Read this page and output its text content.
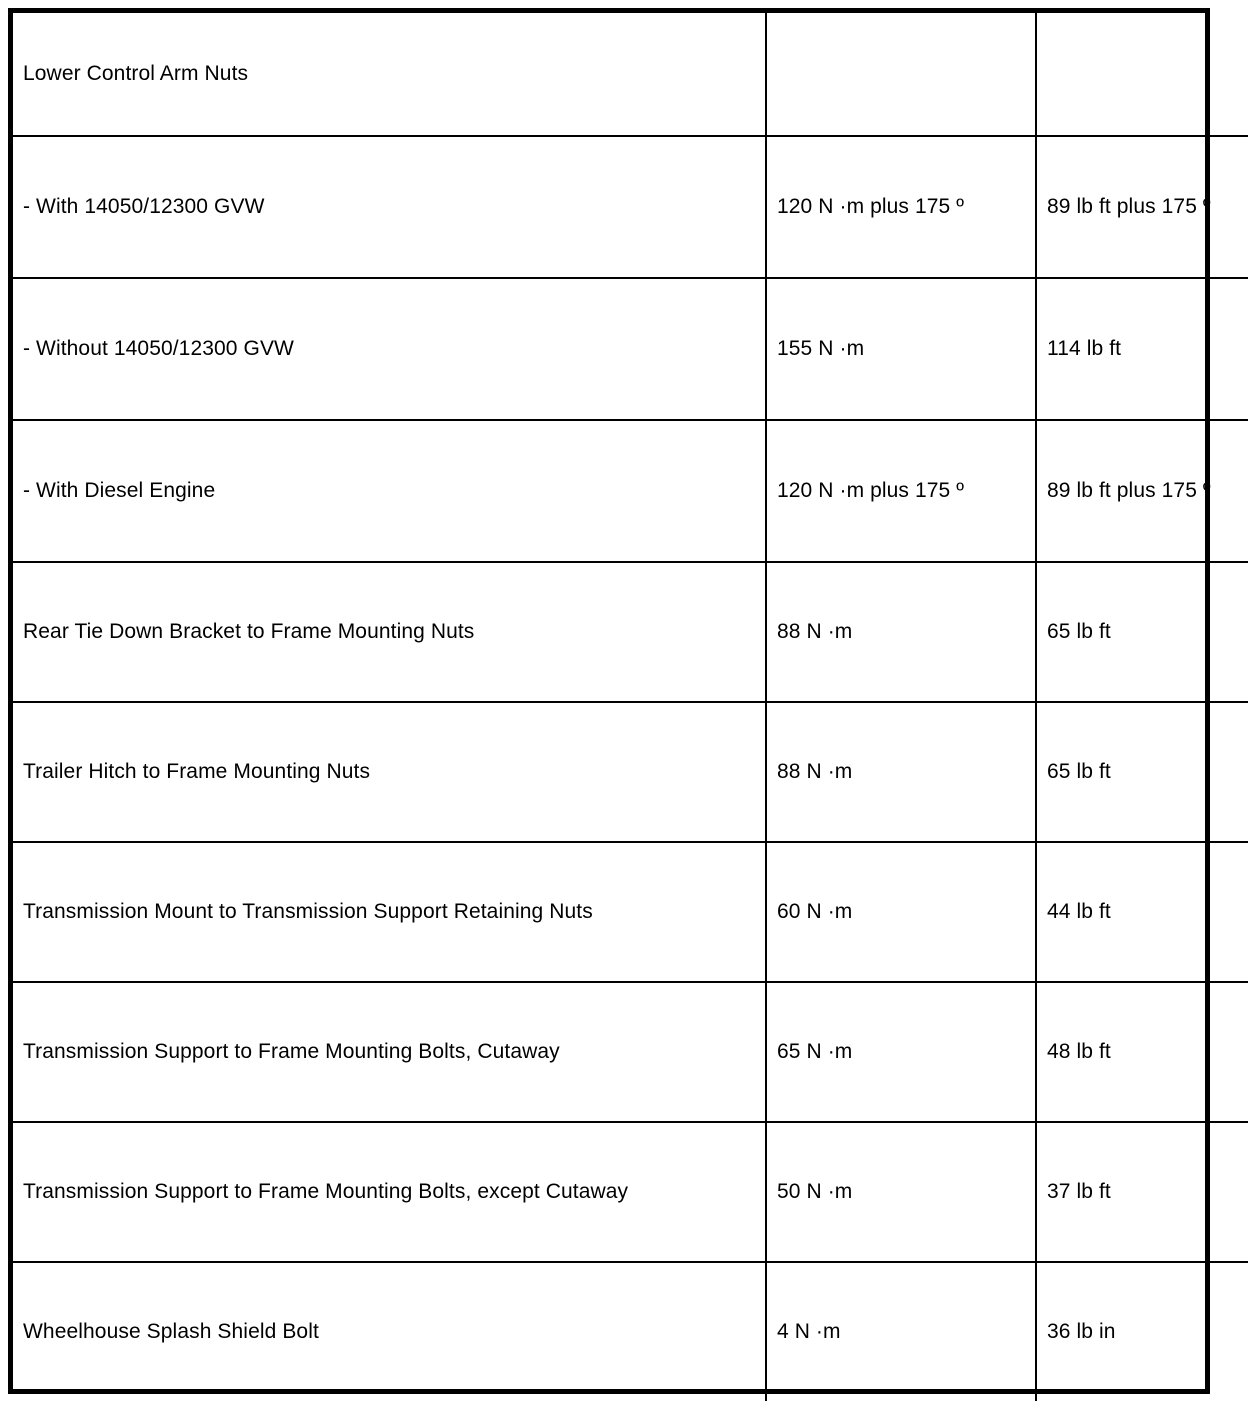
Lower Control Arm Nuts		
- With 14050/12300 GVW	120 N ·m plus 175 º	89 lb ft plus 175 º
- Without 14050/12300 GVW	155 N ·m	114 lb ft
- With Diesel Engine	120 N ·m plus 175 º	89 lb ft plus 175 º
Rear Tie Down Bracket to Frame Mounting Nuts	88 N ·m	65 lb ft
Trailer Hitch to Frame Mounting Nuts	88 N ·m	65 lb ft
Transmission Mount to Transmission Support Retaining Nuts	60 N ·m	44 lb ft
Transmission Support to Frame Mounting Bolts, Cutaway	65 N ·m	48 lb ft
Transmission Support to Frame Mounting Bolts, except Cutaway	50 N ·m	37 lb ft
Wheelhouse Splash Shield Bolt	4 N ·m	36 lb in
